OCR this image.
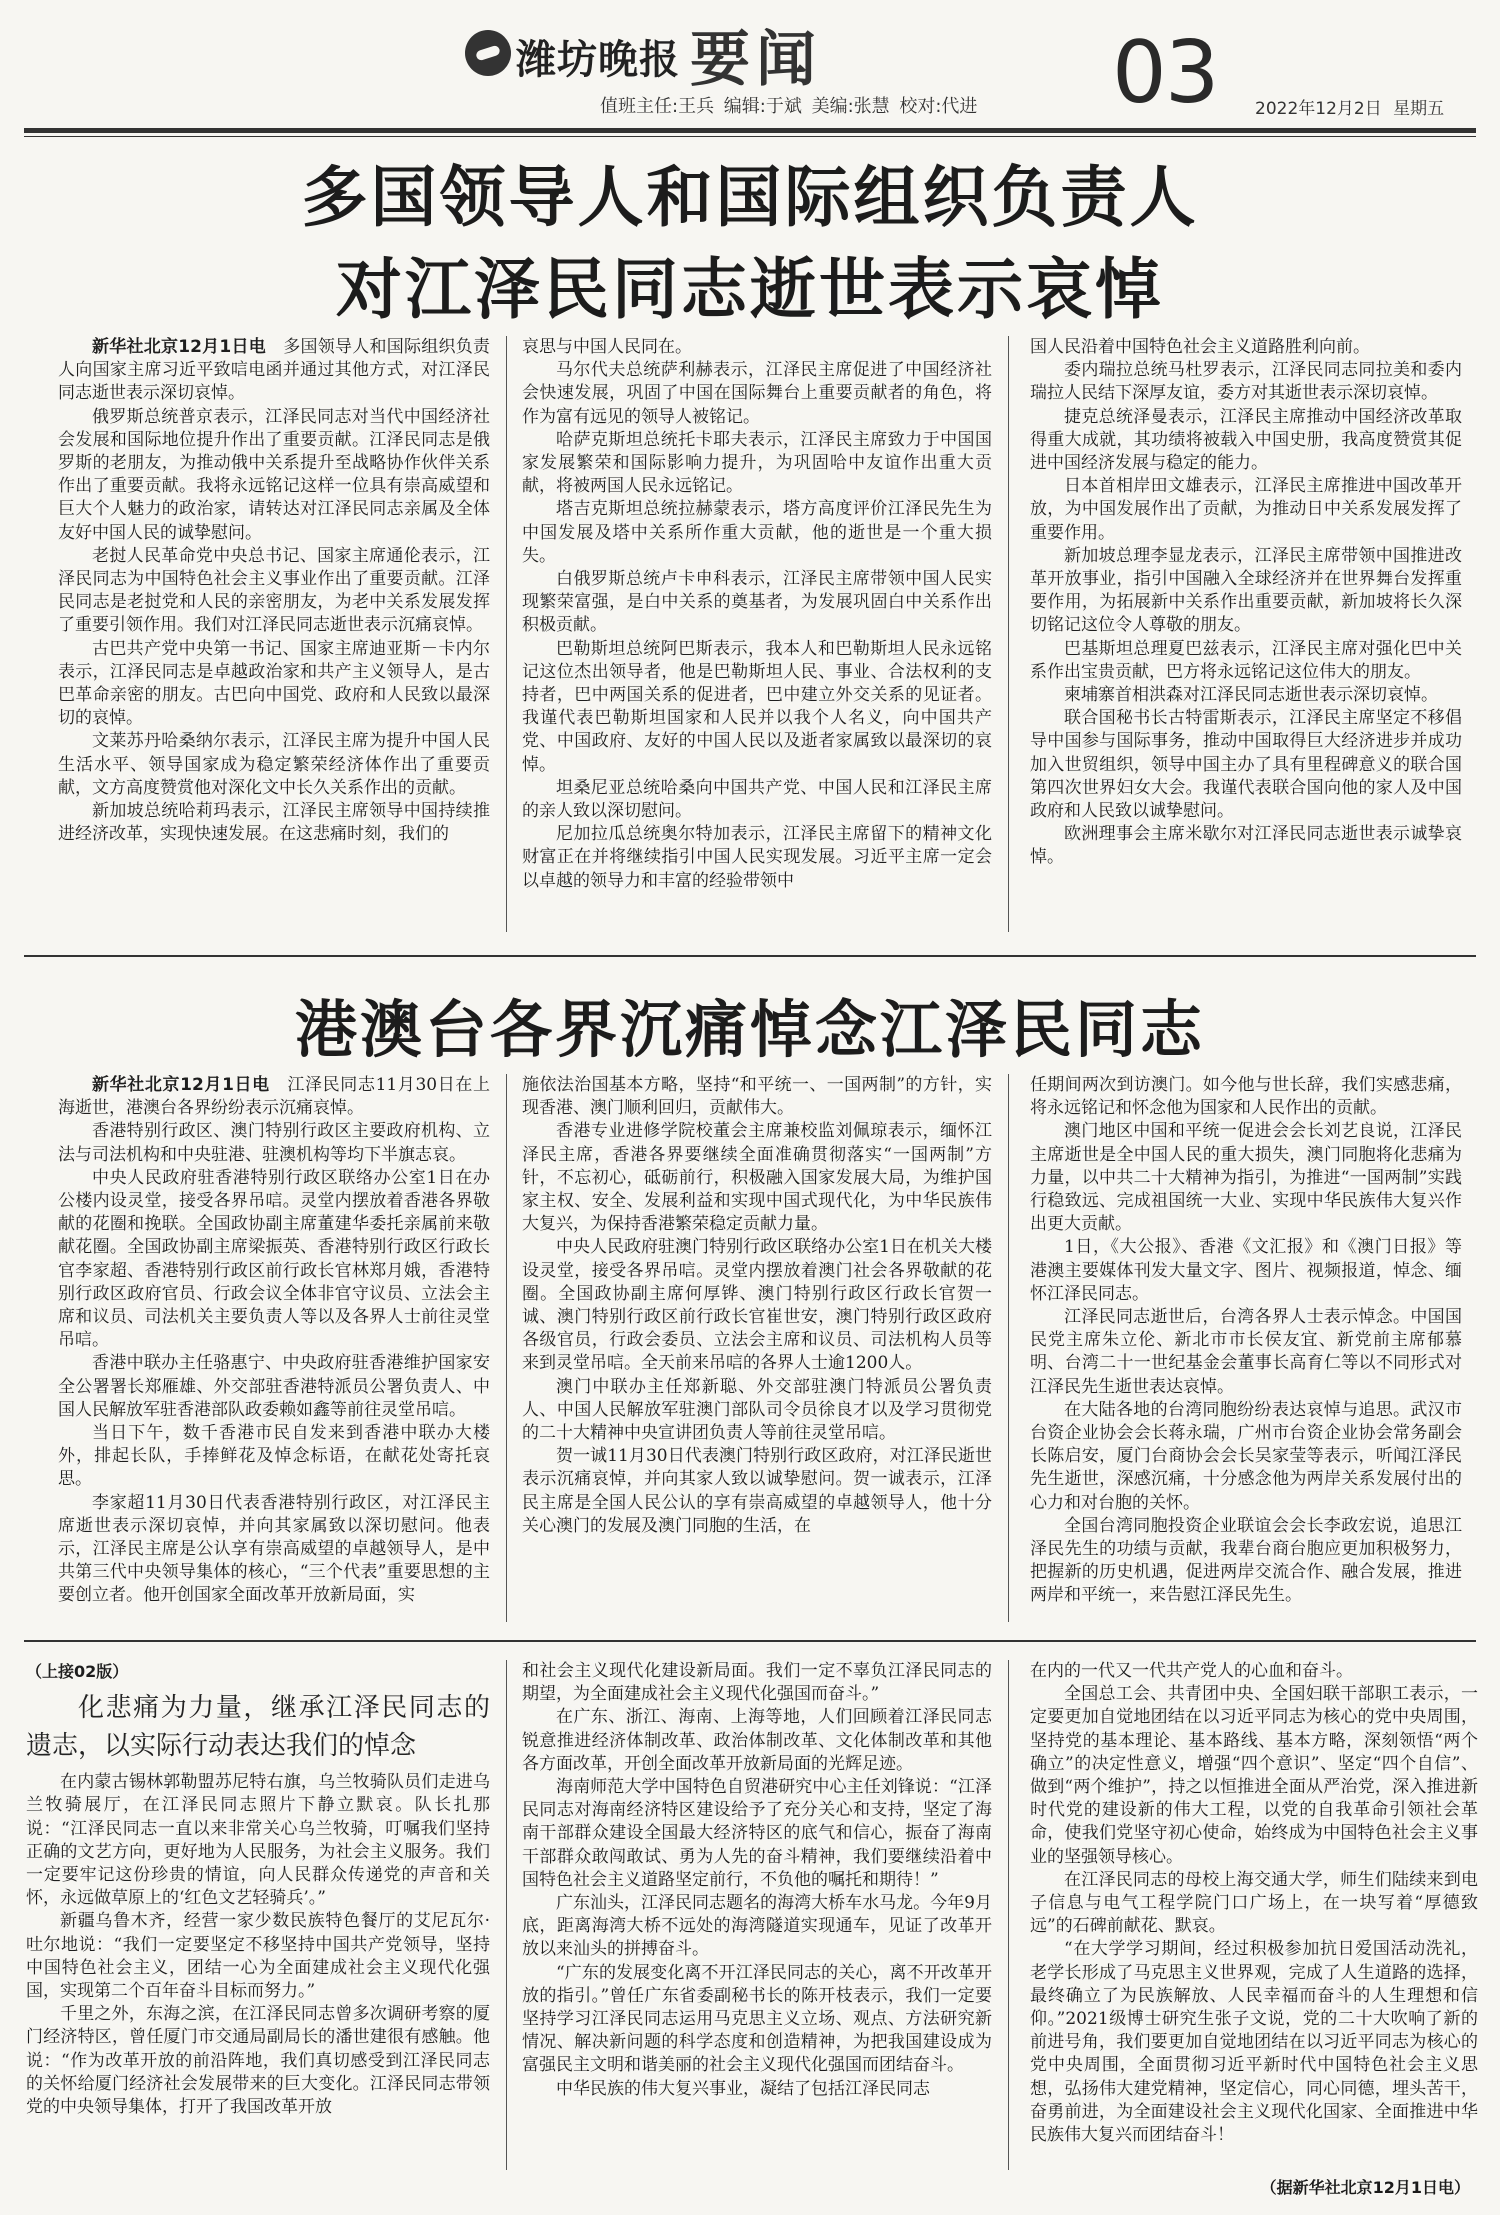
潍坊晚报 要闻	03
值班主任:王兵 编辑:于斌 美编:张慧 校对:代进	2022年12月2日 星期五
多国领导人和国际组织负责人
对江泽民同志逝世表示哀悼

新华社北京12月1日电　多国领导人和国际组织负责人向国家主席习近平致唁电函并通过其他方式，对江泽民同志逝世表示深切哀悼。

俄罗斯总统普京表示，江泽民同志对当代中国经济社会发展和国际地位提升作出了重要贡献。江泽民同志是俄罗斯的老朋友，为推动俄中关系提升至战略协作伙伴关系作出了重要贡献。我将永远铭记这样一位具有崇高威望和巨大个人魅力的政治家，请转达对江泽民同志亲属及全体友好中国人民的诚挚慰问。

老挝人民革命党中央总书记、国家主席通伦表示，江泽民同志为中国特色社会主义事业作出了重要贡献。江泽民同志是老挝党和人民的亲密朋友，为老中关系发展发挥了重要引领作用。我们对江泽民同志逝世表示沉痛哀悼。

古巴共产党中央第一书记、国家主席迪亚斯－卡内尔表示，江泽民同志是卓越政治家和共产主义领导人，是古巴革命亲密的朋友。古巴向中国党、政府和人民致以最深切的哀悼。

文莱苏丹哈桑纳尔表示，江泽民主席为提升中国人民生活水平、领导国家成为稳定繁荣经济体作出了重要贡献，文方高度赞赏他对深化文中长久关系作出的贡献。

新加坡总统哈莉玛表示，江泽民主席领导中国持续推进经济改革，实现快速发展。在这悲痛时刻，我们的

哀思与中国人民同在。

马尔代夫总统萨利赫表示，江泽民主席促进了中国经济社会快速发展，巩固了中国在国际舞台上重要贡献者的角色，将作为富有远见的领导人被铭记。

哈萨克斯坦总统托卡耶夫表示，江泽民主席致力于中国国家发展繁荣和国际影响力提升，为巩固哈中友谊作出重大贡献，将被两国人民永远铭记。

塔吉克斯坦总统拉赫蒙表示，塔方高度评价江泽民先生为中国发展及塔中关系所作重大贡献，他的逝世是一个重大损失。

白俄罗斯总统卢卡申科表示，江泽民主席带领中国人民实现繁荣富强，是白中关系的奠基者，为发展巩固白中关系作出积极贡献。

巴勒斯坦总统阿巴斯表示，我本人和巴勒斯坦人民永远铭记这位杰出领导者，他是巴勒斯坦人民、事业、合法权利的支持者，巴中两国关系的促进者，巴中建立外交关系的见证者。我谨代表巴勒斯坦国家和人民并以我个人名义，向中国共产党、中国政府、友好的中国人民以及逝者家属致以最深切的哀悼。

坦桑尼亚总统哈桑向中国共产党、中国人民和江泽民主席的亲人致以深切慰问。

尼加拉瓜总统奥尔特加表示，江泽民主席留下的精神文化财富正在并将继续指引中国人民实现发展。习近平主席一定会以卓越的领导力和丰富的经验带领中

国人民沿着中国特色社会主义道路胜利向前。

委内瑞拉总统马杜罗表示，江泽民同志同拉美和委内瑞拉人民结下深厚友谊，委方对其逝世表示深切哀悼。

捷克总统泽曼表示，江泽民主席推动中国经济改革取得重大成就，其功绩将被载入中国史册，我高度赞赏其促进中国经济发展与稳定的能力。

日本首相岸田文雄表示，江泽民主席推进中国改革开放，为中国发展作出了贡献，为推动日中关系发展发挥了重要作用。

新加坡总理李显龙表示，江泽民主席带领中国推进改革开放事业，指引中国融入全球经济并在世界舞台发挥重要作用，为拓展新中关系作出重要贡献，新加坡将长久深切铭记这位令人尊敬的朋友。

巴基斯坦总理夏巴兹表示，江泽民主席对强化巴中关系作出宝贵贡献，巴方将永远铭记这位伟大的朋友。

柬埔寨首相洪森对江泽民同志逝世表示深切哀悼。

联合国秘书长古特雷斯表示，江泽民主席坚定不移倡导中国参与国际事务，推动中国取得巨大经济进步并成功加入世贸组织，领导中国主办了具有里程碑意义的联合国第四次世界妇女大会。我谨代表联合国向他的家人及中国政府和人民致以诚挚慰问。

欧洲理事会主席米歇尔对江泽民同志逝世表示诚挚哀悼。

港澳台各界沉痛悼念江泽民同志

新华社北京12月1日电　江泽民同志11月30日在上海逝世，港澳台各界纷纷表示沉痛哀悼。

香港特别行政区、澳门特别行政区主要政府机构、立法与司法机构和中央驻港、驻澳机构等均下半旗志哀。

中央人民政府驻香港特别行政区联络办公室1日在办公楼内设灵堂，接受各界吊唁。灵堂内摆放着香港各界敬献的花圈和挽联。全国政协副主席董建华委托亲属前来敬献花圈。全国政协副主席梁振英、香港特别行政区行政长官李家超、香港特别行政区前行政长官林郑月娥，香港特别行政区政府官员、行政会议全体非官守议员、立法会主席和议员、司法机关主要负责人等以及各界人士前往灵堂吊唁。

香港中联办主任骆惠宁、中央政府驻香港维护国家安全公署署长郑雁雄、外交部驻香港特派员公署负责人、中国人民解放军驻香港部队政委赖如鑫等前往灵堂吊唁。

当日下午，数千香港市民自发来到香港中联办大楼外，排起长队，手捧鲜花及悼念标语，在献花处寄托哀思。

李家超11月30日代表香港特别行政区，对江泽民主席逝世表示深切哀悼，并向其家属致以深切慰问。他表示，江泽民主席是公认享有崇高威望的卓越领导人，是中共第三代中央领导集体的核心，“三个代表”重要思想的主要创立者。他开创国家全面改革开放新局面，实

施依法治国基本方略，坚持“和平统一、一国两制”的方针，实现香港、澳门顺利回归，贡献伟大。

香港专业进修学院校董会主席兼校监刘佩琼表示，缅怀江泽民主席，香港各界要继续全面准确贯彻落实“一国两制”方针，不忘初心，砥砺前行，积极融入国家发展大局，为维护国家主权、安全、发展利益和实现中国式现代化，为中华民族伟大复兴，为保持香港繁荣稳定贡献力量。

中央人民政府驻澳门特别行政区联络办公室1日在机关大楼设灵堂，接受各界吊唁。灵堂内摆放着澳门社会各界敬献的花圈。全国政协副主席何厚铧、澳门特别行政区行政长官贺一诚、澳门特别行政区前行政长官崔世安，澳门特别行政区政府各级官员，行政会委员、立法会主席和议员、司法机构人员等来到灵堂吊唁。全天前来吊唁的各界人士逾1200人。

澳门中联办主任郑新聪、外交部驻澳门特派员公署负责人、中国人民解放军驻澳门部队司令员徐良才以及学习贯彻党的二十大精神中央宣讲团负责人等前往灵堂吊唁。

贺一诚11月30日代表澳门特别行政区政府，对江泽民逝世表示沉痛哀悼，并向其家人致以诚挚慰问。贺一诚表示，江泽民主席是全国人民公认的享有崇高威望的卓越领导人，他十分关心澳门的发展及澳门同胞的生活，在

任期间两次到访澳门。如今他与世长辞，我们实感悲痛，将永远铭记和怀念他为国家和人民作出的贡献。

澳门地区中国和平统一促进会会长刘艺良说，江泽民主席逝世是全中国人民的重大损失，澳门同胞将化悲痛为力量，以中共二十大精神为指引，为推进“一国两制”实践行稳致远、完成祖国统一大业、实现中华民族伟大复兴作出更大贡献。

1日，《大公报》、香港《文汇报》和《澳门日报》等港澳主要媒体刊发大量文字、图片、视频报道，悼念、缅怀江泽民同志。

江泽民同志逝世后，台湾各界人士表示悼念。中国国民党主席朱立伦、新北市市长侯友宜、新党前主席郁慕明、台湾二十一世纪基金会董事长高育仁等以不同形式对江泽民先生逝世表达哀悼。

在大陆各地的台湾同胞纷纷表达哀悼与追思。武汉市台资企业协会会长蒋永瑞，广州市台资企业协会常务副会长陈启安，厦门台商协会会长吴家莹等表示，听闻江泽民先生逝世，深感沉痛，十分感念他为两岸关系发展付出的心力和对台胞的关怀。

全国台湾同胞投资企业联谊会会长李政宏说，追思江泽民先生的功绩与贡献，我辈台商台胞应更加积极努力，把握新的历史机遇，促进两岸交流合作、融合发展，推进两岸和平统一，来告慰江泽民先生。

（上接02版）
化悲痛为力量，继承江泽民同志的遗志，以实际行动表达我们的悼念

在内蒙古锡林郭勒盟苏尼特右旗，乌兰牧骑队员们走进乌兰牧骑展厅，在江泽民同志照片下静立默哀。队长扎那说：“江泽民同志一直以来非常关心乌兰牧骑，叮嘱我们坚持正确的文艺方向，更好地为人民服务，为社会主义服务。我们一定要牢记这份珍贵的情谊，向人民群众传递党的声音和关怀，永远做草原上的‘红色文艺轻骑兵’。”

新疆乌鲁木齐，经营一家少数民族特色餐厅的艾尼瓦尔·吐尔地说：“我们一定要坚定不移坚持中国共产党领导，坚持中国特色社会主义，团结一心为全面建成社会主义现代化强国，实现第二个百年奋斗目标而努力。”

千里之外，东海之滨，在江泽民同志曾多次调研考察的厦门经济特区，曾任厦门市交通局副局长的潘世建很有感触。他说：“作为改革开放的前沿阵地，我们真切感受到江泽民同志的关怀给厦门经济社会发展带来的巨大变化。江泽民同志带领党的中央领导集体，打开了我国改革开放

和社会主义现代化建设新局面。我们一定不辜负江泽民同志的期望，为全面建成社会主义现代化强国而奋斗。”

在广东、浙江、海南、上海等地，人们回顾着江泽民同志锐意推进经济体制改革、政治体制改革、文化体制改革和其他各方面改革，开创全面改革开放新局面的光辉足迹。

海南师范大学中国特色自贸港研究中心主任刘锋说：“江泽民同志对海南经济特区建设给予了充分关心和支持，坚定了海南干部群众建设全国最大经济特区的底气和信心，振奋了海南干部群众敢闯敢试、勇为人先的奋斗精神，我们要继续沿着中国特色社会主义道路坚定前行，不负他的嘱托和期待！”

广东汕头，江泽民同志题名的海湾大桥车水马龙。今年9月底，距离海湾大桥不远处的海湾隧道实现通车，见证了改革开放以来汕头的拼搏奋斗。

“广东的发展变化离不开江泽民同志的关心，离不开改革开放的指引。”曾任广东省委副秘书长的陈开枝表示，我们一定要坚持学习江泽民同志运用马克思主义立场、观点、方法研究新情况、解决新问题的科学态度和创造精神，为把我国建设成为富强民主文明和谐美丽的社会主义现代化强国而团结奋斗。

中华民族的伟大复兴事业，凝结了包括江泽民同志

在内的一代又一代共产党人的心血和奋斗。

全国总工会、共青团中央、全国妇联干部职工表示，一定要更加自觉地团结在以习近平同志为核心的党中央周围，坚持党的基本理论、基本路线、基本方略，深刻领悟“两个确立”的决定性意义，增强“四个意识”、坚定“四个自信”、做到“两个维护”，持之以恒推进全面从严治党，深入推进新时代党的建设新的伟大工程，以党的自我革命引领社会革命，使我们党坚守初心使命，始终成为中国特色社会主义事业的坚强领导核心。

在江泽民同志的母校上海交通大学，师生们陆续来到电子信息与电气工程学院门口广场上，在一块写着“厚德致远”的石碑前献花、默哀。

“在大学学习期间，经过积极参加抗日爱国活动洗礼，老学长形成了马克思主义世界观，完成了人生道路的选择，最终确立了为民族解放、人民幸福而奋斗的人生理想和信仰。”2021级博士研究生张子文说，党的二十大吹响了新的前进号角，我们要更加自觉地团结在以习近平同志为核心的党中央周围，全面贯彻习近平新时代中国特色社会主义思想，弘扬伟大建党精神，坚定信心，同心同德，埋头苦干，奋勇前进，为全面建设社会主义现代化国家、全面推进中华民族伟大复兴而团结奋斗！

（据新华社北京12月1日电）
